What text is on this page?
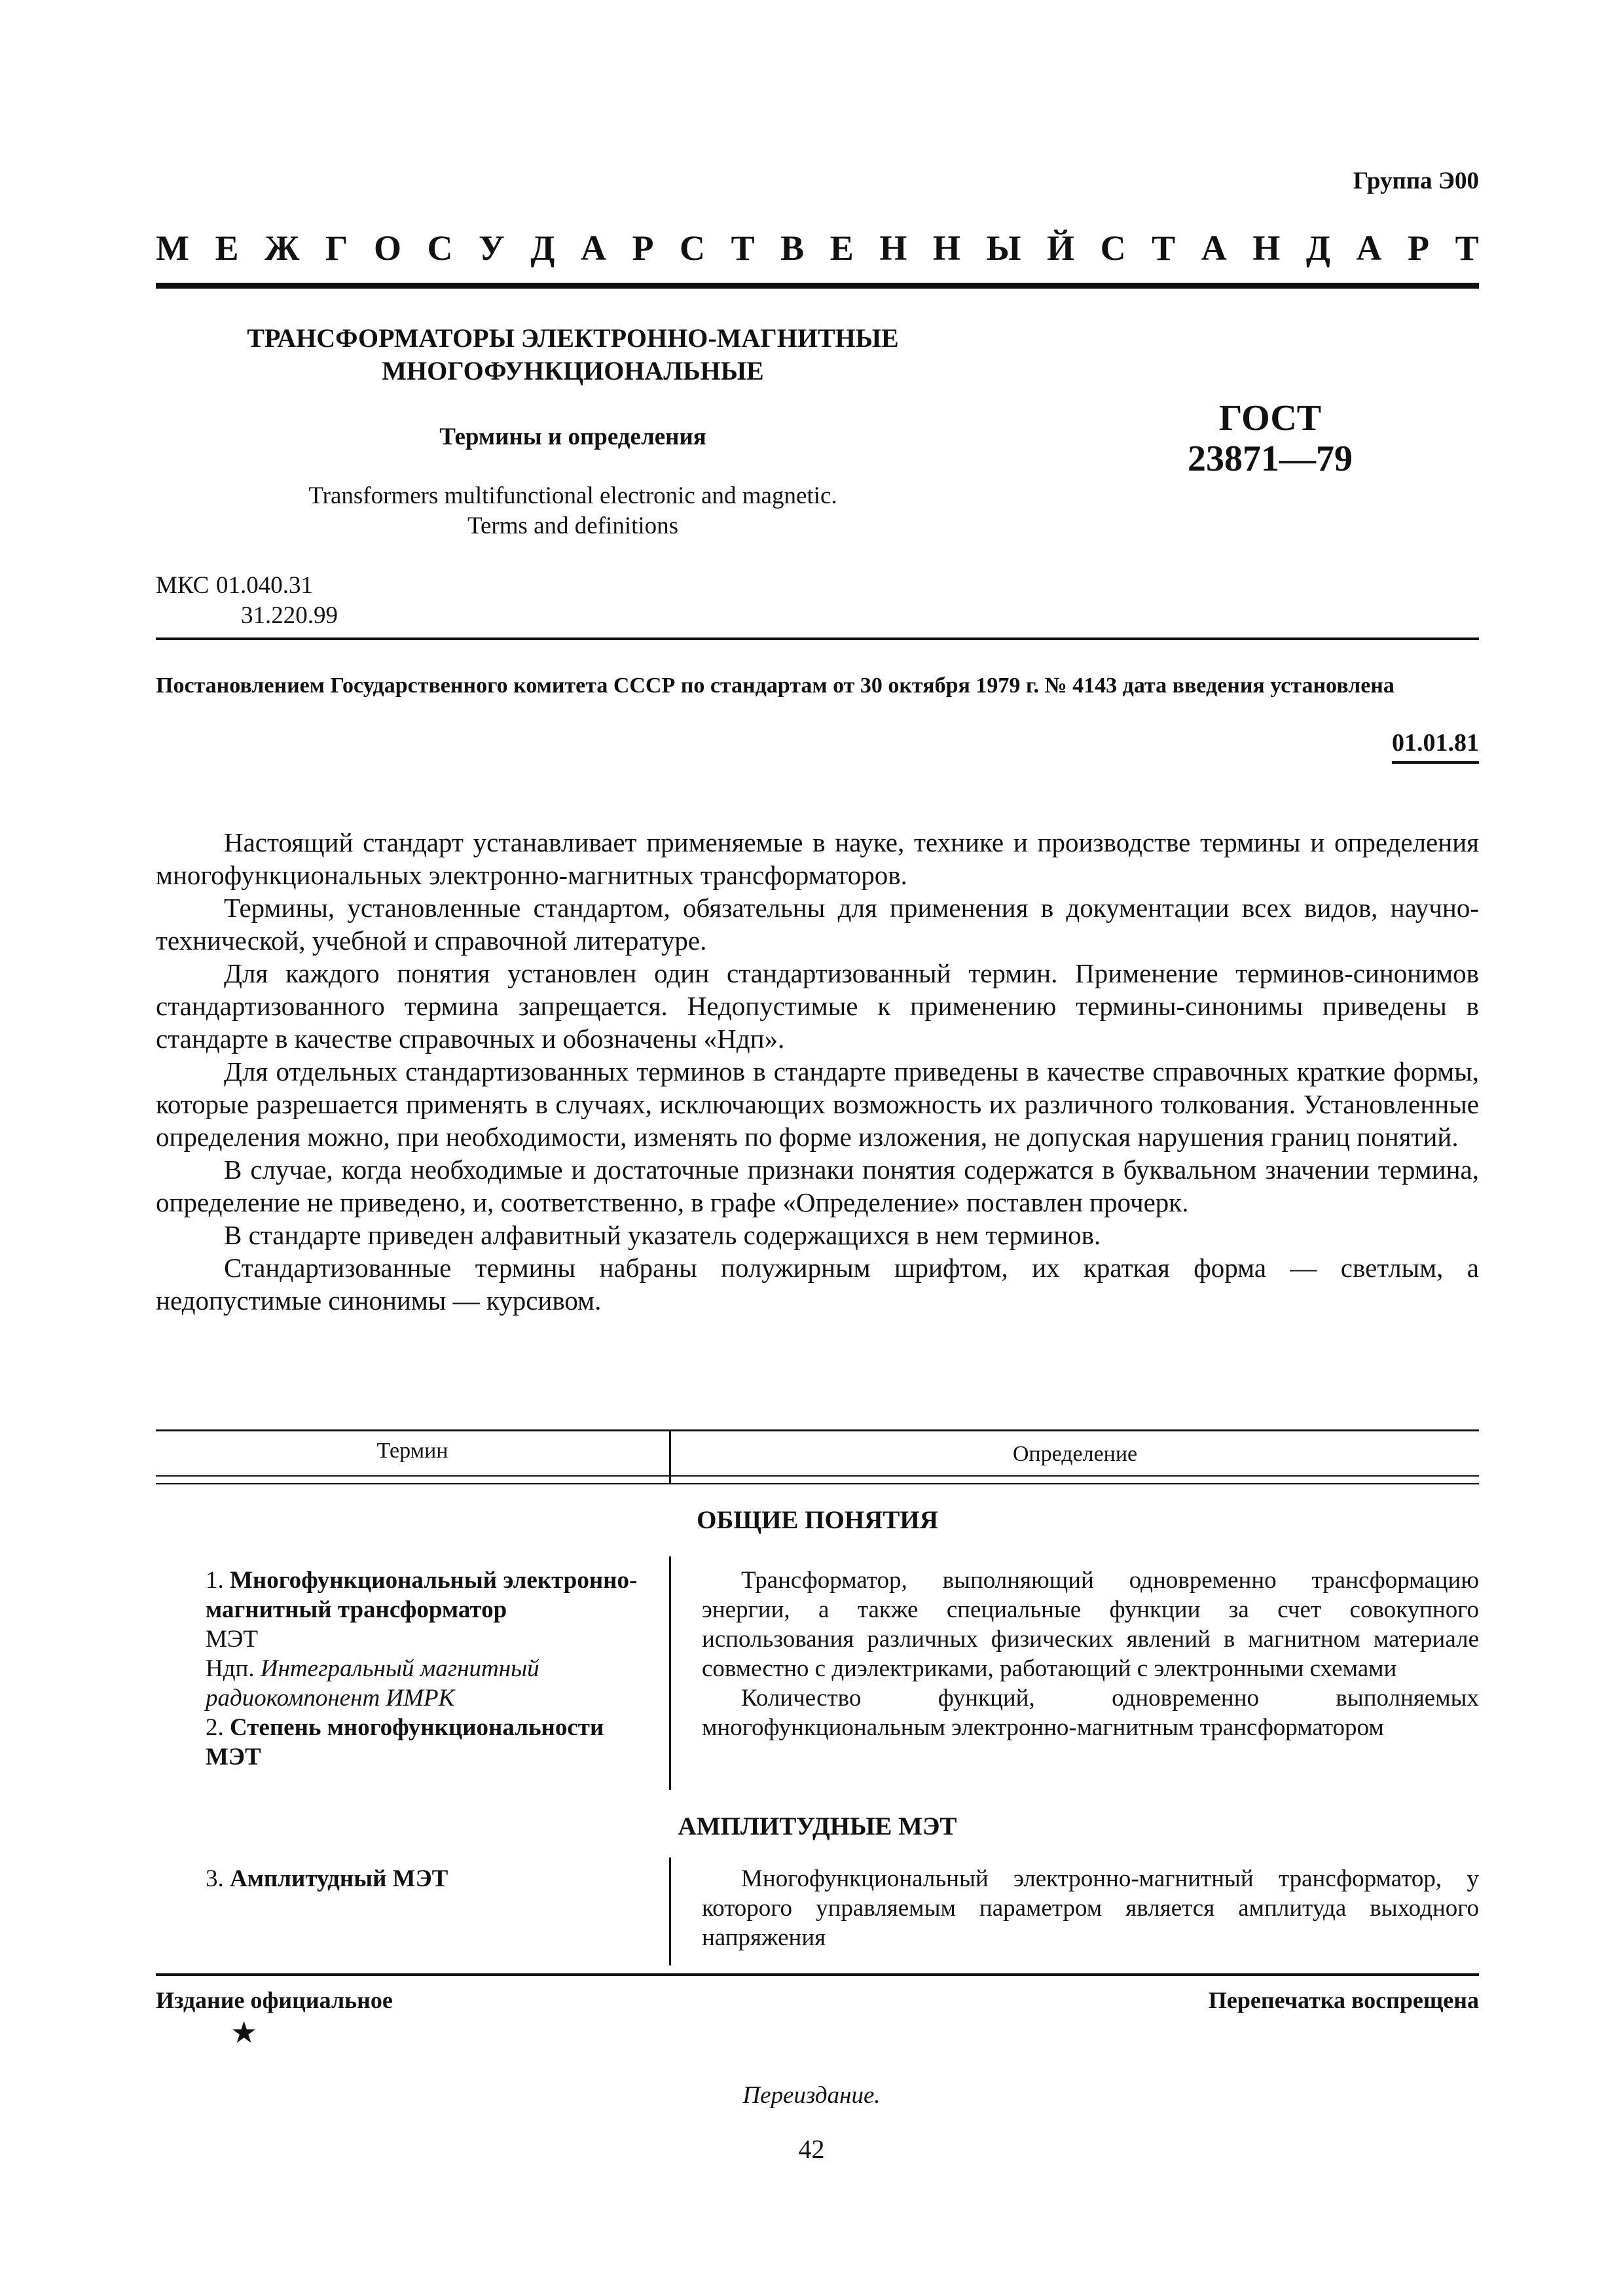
Группа Э00
М Е Ж Г О С У Д А Р С Т В Е Н Н Ы Й С Т А Н Д А Р Т
ТРАНСФОРМАТОРЫ ЭЛЕКТРОННО-МАГНИТНЫЕ
МНОГОФУНКЦИОНАЛЬНЫЕ
Термины и определения
Transformers multifunctional electronic and magnetic.
Terms and definitions
ГОСТ
23871—79
МКС 01.040.31
31.220.99
Постановлением Государственного комитета СССР по стандартам от 30 октября 1979 г. № 4143 дата введения установлена
01.01.81

Настоящий стандарт устанавливает применяемые в науке, технике и производстве термины и определения многофункциональных электронно-магнитных трансформаторов.

Термины, установленные стандартом, обязательны для применения в документации всех видов, научно-технической, учебной и справочной литературе.

Для каждого понятия установлен один стандартизованный термин. Применение терминов-синонимов стандартизованного термина запрещается. Недопустимые к применению термины-синонимы приведены в стандарте в качестве справочных и обозначены «Ндп».

Для отдельных стандартизованных терминов в стандарте приведены в качестве справочных краткие формы, которые разрешается применять в случаях, исключающих возможность их различного толкования. Установленные определения можно, при необходимости, изменять по форме изложения, не допуская нарушения границ понятий.

В случае, когда необходимые и достаточные признаки понятия содержатся в буквальном значении термина, определение не приведено, и, соответственно, в графе «Определение» поставлен прочерк.

В стандарте приведен алфавитный указатель содержащихся в нем терминов.

Стандартизованные термины набраны полужирным шрифтом, их краткая форма — светлым, а недопустимые синонимы — курсивом.

Термин	Определение
ОБЩИЕ ПОНЯТИЯ

1. Многофункциональный электронно-магнитный трансформатор

МЭТ

Ндп. Интегральный магнитный радиокомпонент ИМРК

2. Степень многофункциональности МЭТ

Трансформатор, выполняющий одновременно трансформацию энергии, а также специальные функции за счет совокупного использования различных физических явлений в магнитном материале совместно с диэлектриками, работающий с электронными схемами

Количество функций, одновременно выполняемых многофункциональным электронно-магнитным трансформатором

АМПЛИТУДНЫЕ МЭТ

3. Амплитудный МЭТ	Многофункциональный электронно-магнитный трансформатор, у которого управляемым параметром является амплитуда выходного напряжения

Издание официальное
★
Перепечатка воспрещена
Переиздание.
42
